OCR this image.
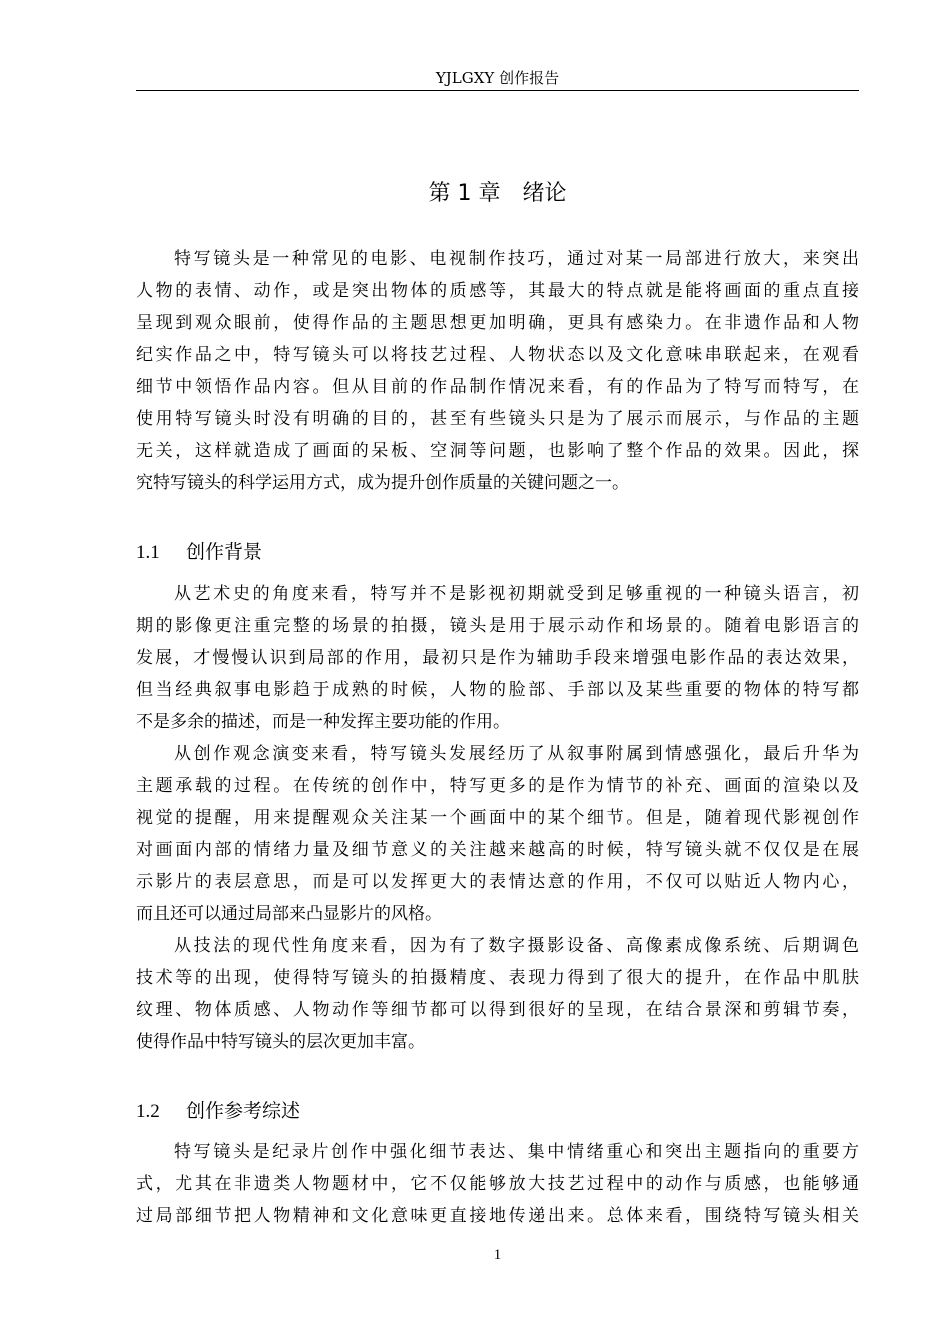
YJLGXY 创作报告
第 1 章 绪论
特写镜头是一种常见的电影、电视制作技巧，通过对某一局部进行放大，来突出
人物的表情、动作，或是突出物体的质感等，其最大的特点就是能将画面的重点直接
呈现到观众眼前，使得作品的主题思想更加明确，更具有感染力。在非遗作品和人物
纪实作品之中，特写镜头可以将技艺过程、人物状态以及文化意味串联起来，在观看
细节中领悟作品内容。但从目前的作品制作情况来看，有的作品为了特写而特写，在
使用特写镜头时没有明确的目的，甚至有些镜头只是为了展示而展示，与作品的主题
无关，这样就造成了画面的呆板、空洞等问题，也影响了整个作品的效果。因此，探
究特写镜头的科学运用方式，成为提升创作质量的关键问题之一。
1.1 创作背景
从艺术史的角度来看，特写并不是影视初期就受到足够重视的一种镜头语言，初
期的影像更注重完整的场景的拍摄，镜头是用于展示动作和场景的。随着电影语言的
发展，才慢慢认识到局部的作用，最初只是作为辅助手段来增强电影作品的表达效果，
但当经典叙事电影趋于成熟的时候，人物的脸部、手部以及某些重要的物体的特写都
不是多余的描述，而是一种发挥主要功能的作用。
从创作观念演变来看，特写镜头发展经历了从叙事附属到情感强化，最后升华为
主题承载的过程。在传统的创作中，特写更多的是作为情节的补充、画面的渲染以及
视觉的提醒，用来提醒观众关注某一个画面中的某个细节。但是，随着现代影视创作
对画面内部的情绪力量及细节意义的关注越来越高的时候，特写镜头就不仅仅是在展
示影片的表层意思，而是可以发挥更大的表情达意的作用，不仅可以贴近人物内心，
而且还可以通过局部来凸显影片的风格。
从技法的现代性角度来看，因为有了数字摄影设备、高像素成像系统、后期调色
技术等的出现，使得特写镜头的拍摄精度、表现力得到了很大的提升，在作品中肌肤
纹理、物体质感、人物动作等细节都可以得到很好的呈现，在结合景深和剪辑节奏，
使得作品中特写镜头的层次更加丰富。
1.2 创作参考综述
特写镜头是纪录片创作中强化细节表达、集中情绪重心和突出主题指向的重要方
式，尤其在非遗类人物题材中，它不仅能够放大技艺过程中的动作与质感，也能够通
过局部细节把人物精神和文化意味更直接地传递出来。总体来看，围绕特写镜头相关
1
